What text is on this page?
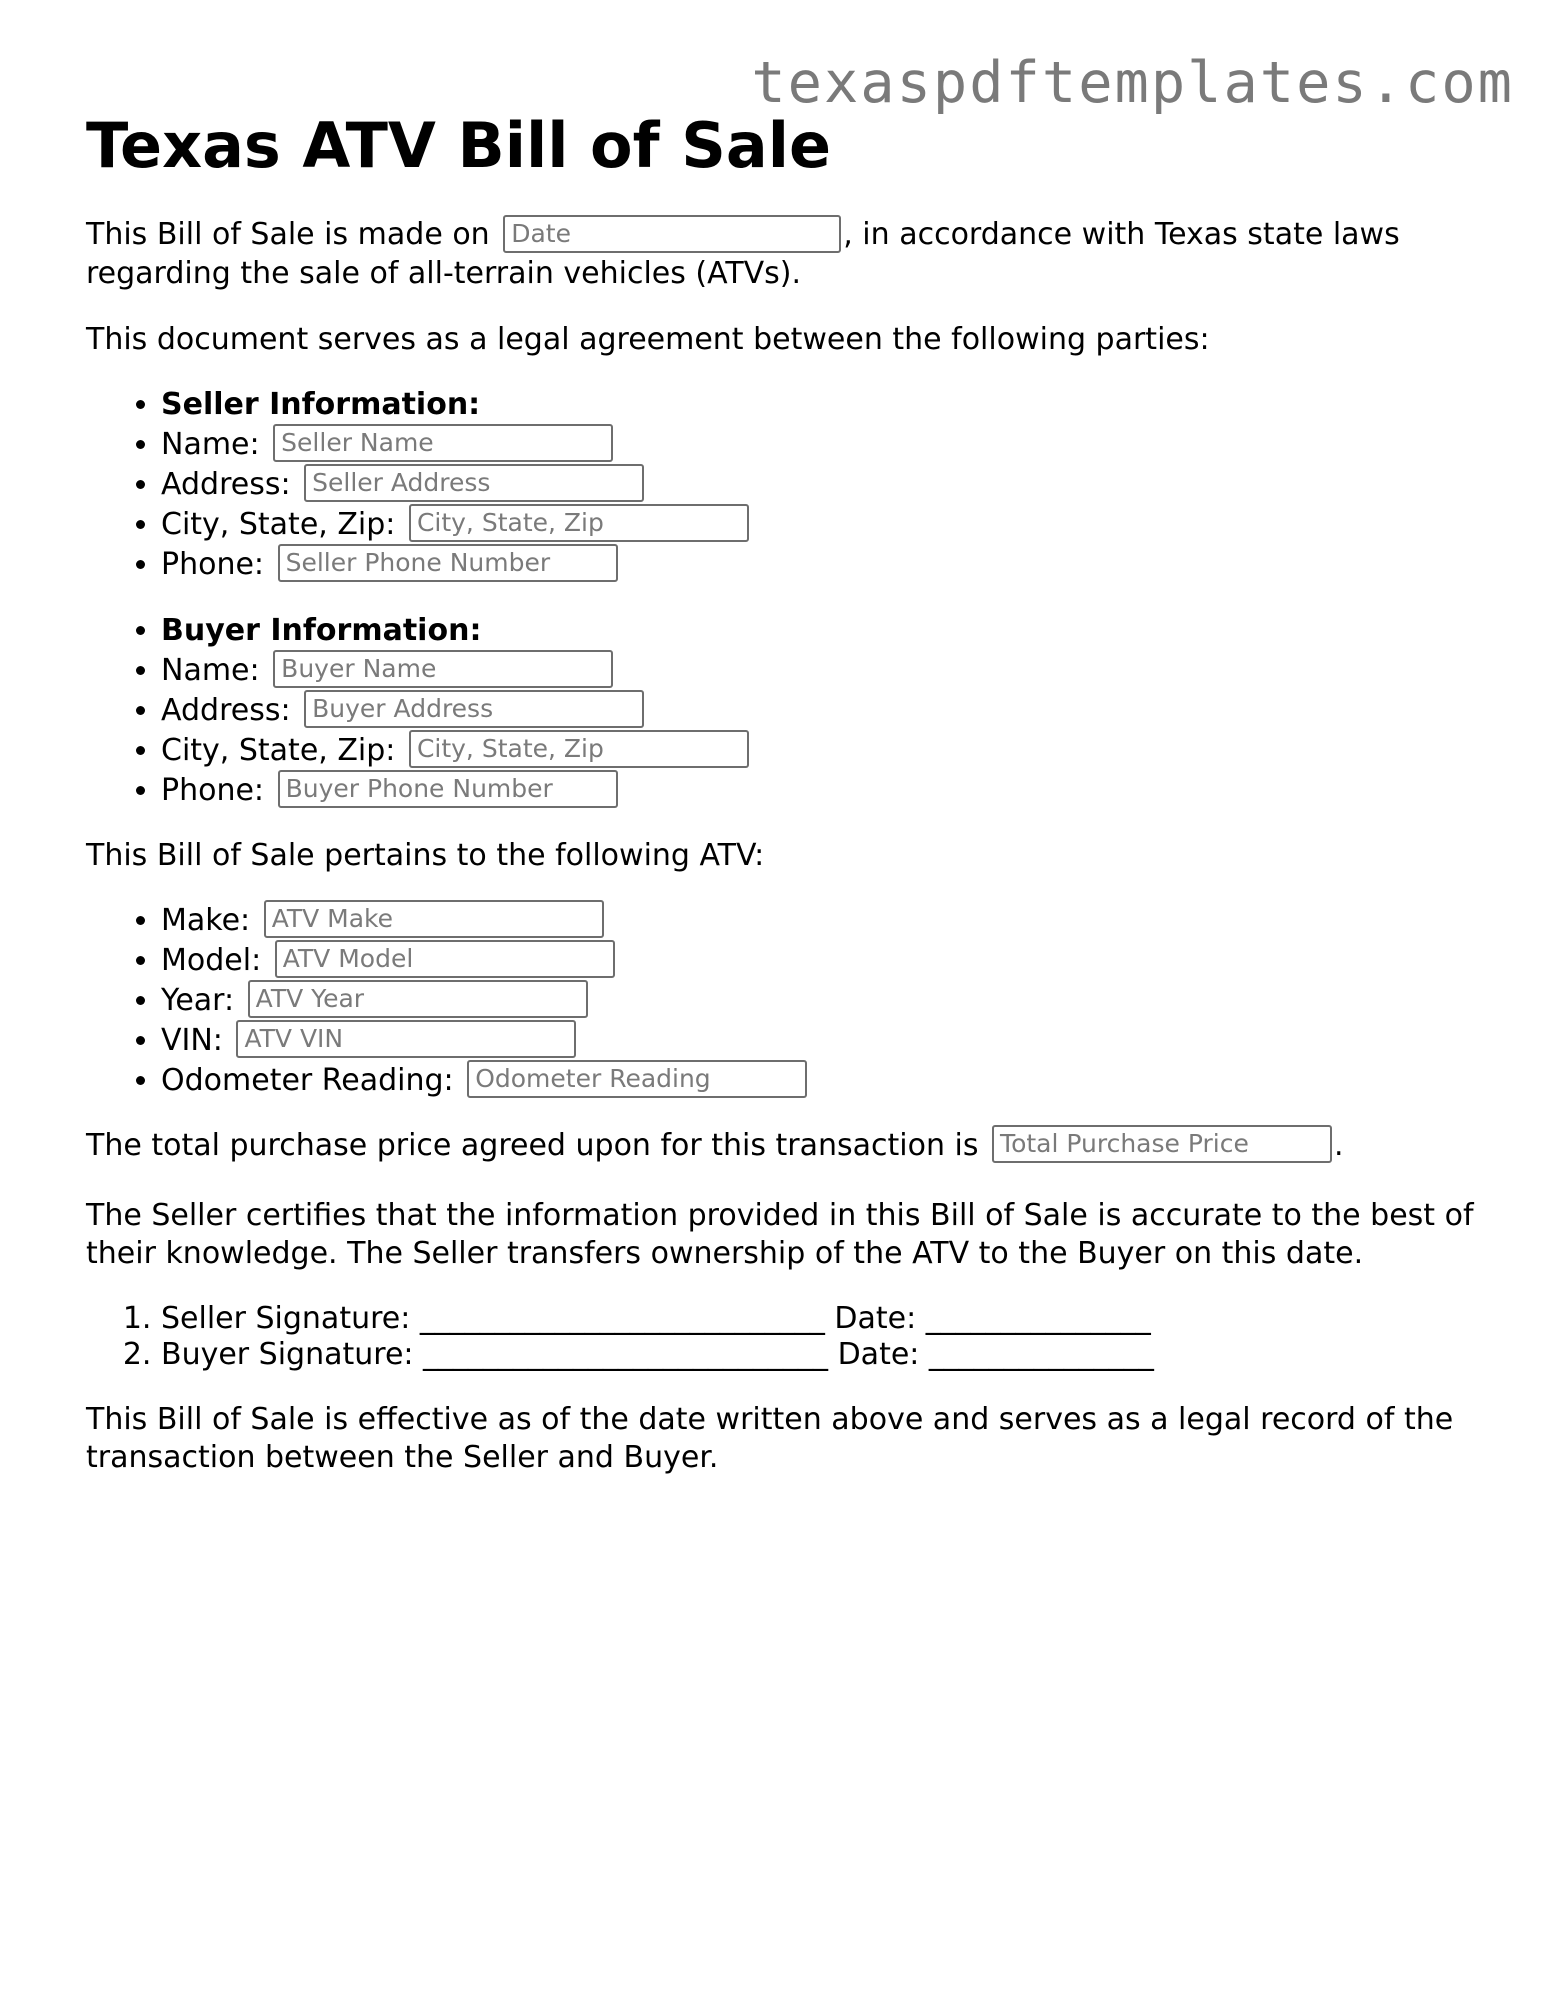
texaspdftemplates.com
Texas ATV Bill of Sale

This Bill of Sale is made on Date	, in accordance with Texas state laws regarding the sale of all-terrain vehicles (ATVs).

This document serves as a legal agreement between the following parties:

• Seller Information:
• Name: Seller Name
• Address: Seller Address
• City, State, Zip: City, State, Zip
• Phone: Seller Phone Number
• Buyer Information:
• Name: Buyer Name
• Address: Buyer Address
• City, State, Zip: City, State, Zip
• Phone: Buyer Phone Number

This Bill of Sale pertains to the following ATV:

• Make: ATV Make
• Model: ATV Model
• Year: ATV Year
• VIN: ATV VIN
• Odometer Reading: Odometer Reading

The total purchase price agreed upon for this transaction is Total Purchase Price	.

The Seller certifies that the information provided in this Bill of Sale is accurate to the best of their knowledge. The Seller transfers ownership of the ATV to the Buyer on this date.

1. Seller Signature: ___________________________ Date: _______________
2. Buyer Signature: ___________________________ Date: _______________

This Bill of Sale is effective as of the date written above and serves as a legal record of the transaction between the Seller and Buyer.
